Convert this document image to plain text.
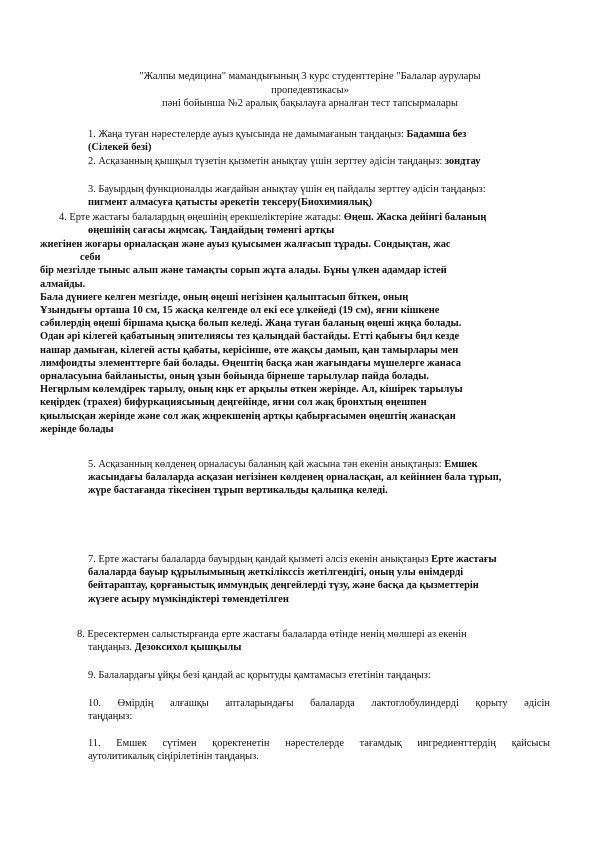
"Жалпы медицина" мамандығының 3 курс студенттеріне "Балалар аурулары
пропедевтикасы»
пәні бойынша №2 аралық бақылауға арналған тест тапсырмалары
1. Жаңа туған нәрестелерде ауыз қуысында не дамымағанын таңдаңыз: Бадамша без
(Сілекей безі)
2. Асқазанның қышқыл түзетін қызметін анықтау үшін зерттеу әдісін таңдаңыз: зондтау
3. Бауырдың функционалды жағдайын анықтау үшін ең пайдалы зерттеу әдісін таңдаңыз:
пигмент алмасуға қатысты әрекетін тексеру(Биохимиялық)
4. Ерте жастағы балалардың өңешінің ерекшеліктеріне жатады: Өңеш. Жаска дейінгі баланың
өңешінің сағасы жңмсақ. Таңдайдың төменгі артқы
жиегінен жоғары орналасқан және ауыз қуысымен жалғасып тұрады. Сондықтан, жас
себи
бір мезгілде тыныс алып және тамақты сорып жұта алады. Бұны үлкен адамдар істей
алмайды.
Бала дүниеге келген мезгілде, оның өңеші негізінен қалыптасып біткен, оның
Ұзындығы орташа 10 см, 15 жасқа келгенде ол екі есе ұлкейеді (19 см), яғни кішкене
сәбилердің өңеші біршама қысқа болып келеді. Жаңа туған баланың өңеші жңқа болады.
Одан әрі кілегей қабатының эпителиясы тез қалыңдай бастайды. Етті қабығы бңл кезде
нашар дамыған, кілегей асты қабаты, керісінше, өте жақсы дамып, қан тамырлары мен
лимфоидты элементтерге бай болады. Өңештің басқа жан жағындағы мүшелерге жанаса
орналасуына байланысты, оның ұзын бойында бірнеше тарылулар пайда болады.
Негңрлым көлемдірек тарылу, оның кңк ет арқылы өткен жерінде. Ал, кішірек тарылуы
кеңірдек (трахея) бифуркациясының деңгейінде, яғни сол жақ бронхтың өңешпен
қиылысқан жерінде және сол жақ жңрекшенің артқы қабырғасымен өңештің жанасқан
жерінде болады
5. Асқазанның көлденең орналасуы баланың қай жасына тән екенін анықтаңыз: Емшек
жасындағы балаларда асқазан негізінен көлденең орналасқан, ал кейіннен бала тұрып,
жүре бастағанда тікесінен тұрып вертикальды қалыпқа келеді.
7. Ерте жастағы балаларда бауырдың қандай қызметі әлсіз екенін анықтаңыз Ерте жастағы
балаларда бауыр құрылымының жеткілікссіз жетілгендігі, оның улы өнімдерді
бейтараптау, қорғаныстық иммундық деңгейлерді түзу, және басқа да қызметтерін
жүзеге асыру мүмкіндіктері төмендетілген
8. Ересектермен салыстырғанда ерте жастағы балаларда өтінде ненің мөлшері аз екенін
таңдаңыз. Дезоксихол қышқылы
9. Балалардағы ұйқы безі қандай ас қорытуды қамтамасыз ететінін таңдаңыз:
10. Өмірдің алғашқы апталарындағы балаларда лактоглобулиндерді қорыту әдісін
таңдаңыз:
11. Емшек сүтімен қоректенетін нәрестелерде тағамдық ингредиенттердің қайсысы
аутолитикалық сіңірілетінін таңдаңыз.
